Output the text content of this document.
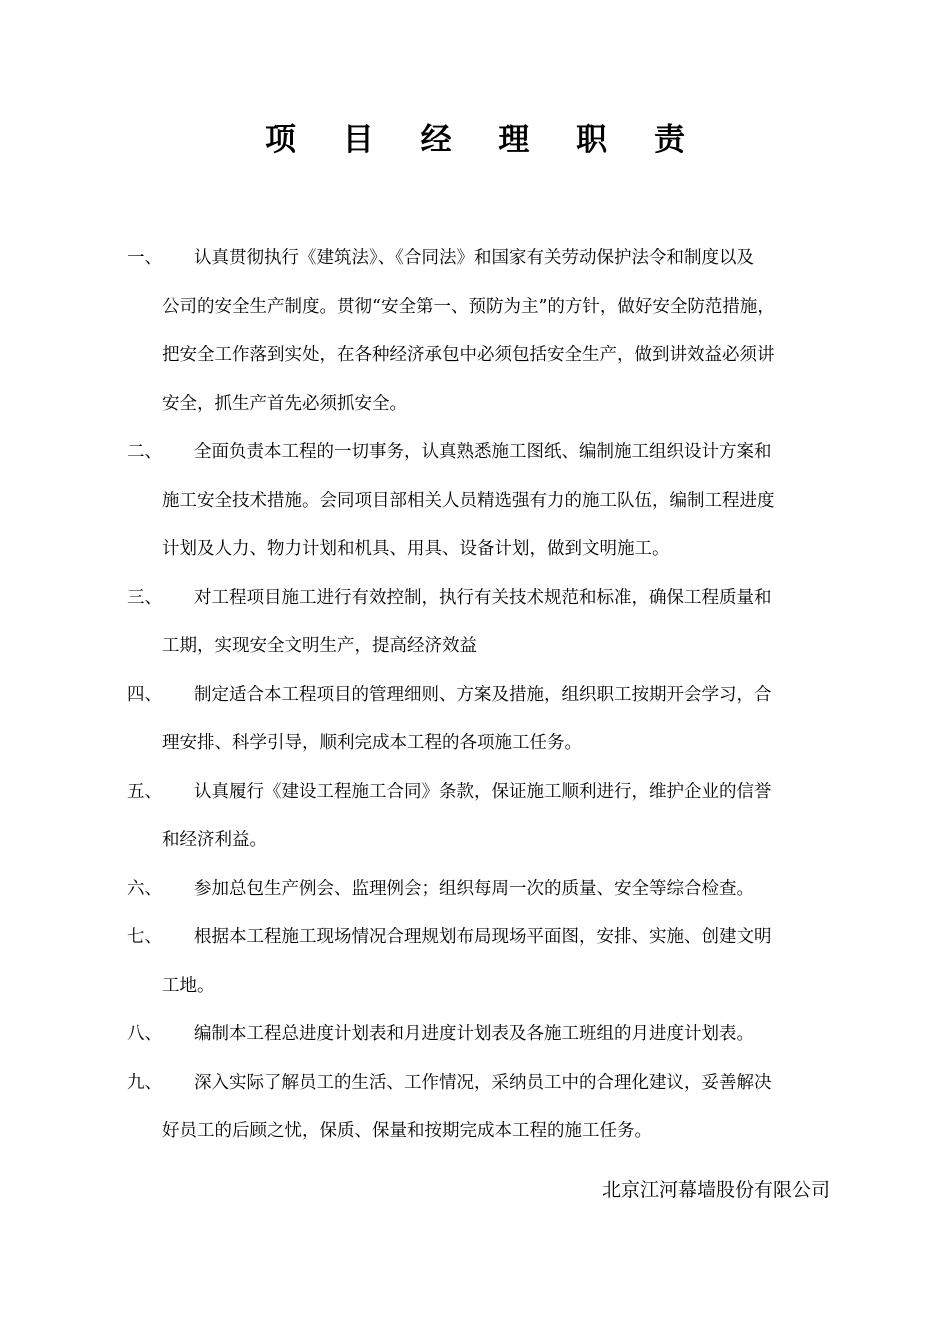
项 目 经 理 职 责
一、	认真贯彻执行《建筑法》、《合同法》和国家有关劳动保护法令和制度以及
公司的安全生产制度。贯彻“安全第一、预防为主”的方针，做好安全防范措施，
把安全工作落到实处，在各种经济承包中必须包括安全生产，做到讲效益必须讲
安全，抓生产首先必须抓安全。
二、	全面负责本工程的一切事务，认真熟悉施工图纸、编制施工组织设计方案和
施工安全技术措施。会同项目部相关人员精选强有力的施工队伍，编制工程进度
计划及人力、物力计划和机具、用具、设备计划，做到文明施工。
三、	对工程项目施工进行有效控制，执行有关技术规范和标准，确保工程质量和
工期，实现安全文明生产，提高经济效益
四、	制定适合本工程项目的管理细则、方案及措施，组织职工按期开会学习，合
理安排、科学引导，顺利完成本工程的各项施工任务。
五、	认真履行《建设工程施工合同》条款，保证施工顺利进行，维护企业的信誉
和经济利益。
六、	参加总包生产例会、监理例会；组织每周一次的质量、安全等综合检查。
七、	根据本工程施工现场情况合理规划布局现场平面图，安排、实施、创建文明
工地。
八、	编制本工程总进度计划表和月进度计划表及各施工班组的月进度计划表。
九、	深入实际了解员工的生活、工作情况，采纳员工中的合理化建议，妥善解决
好员工的后顾之忧，保质、保量和按期完成本工程的施工任务。
北京江河幕墙股份有限公司
